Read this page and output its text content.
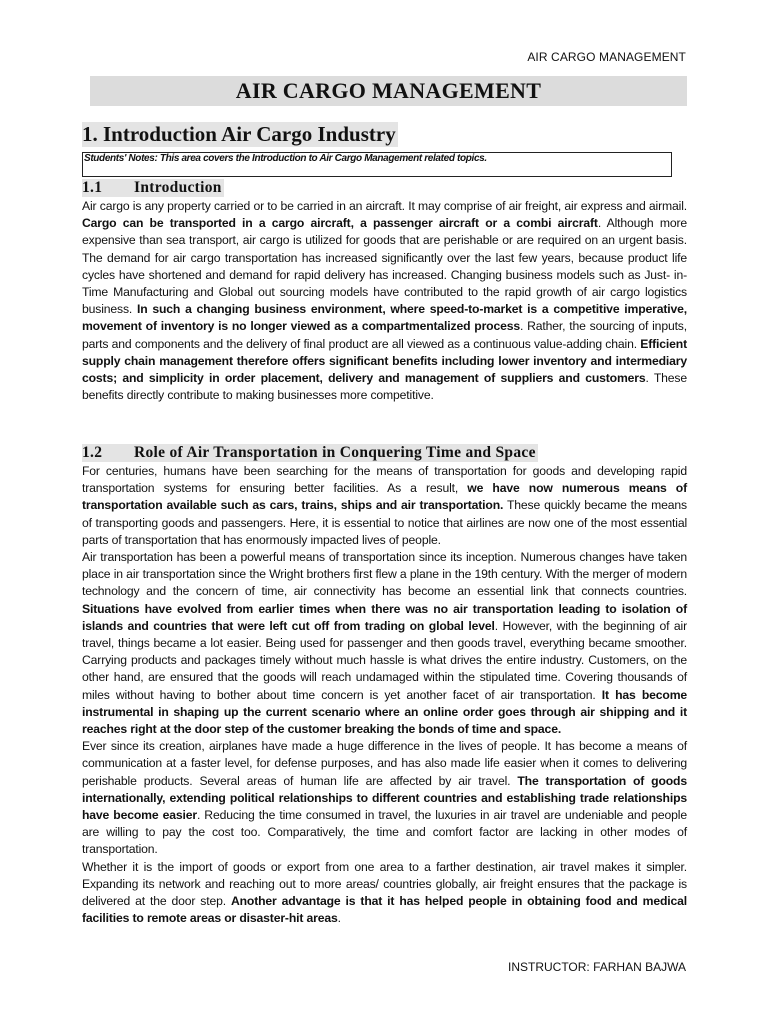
AIR CARGO MANAGEMENT
AIR CARGO MANAGEMENT
1. Introduction Air Cargo Industry
Students' Notes: This area covers the Introduction to Air Cargo Management related topics.
1.1 Introduction

Air cargo is any property carried or to be carried in an aircraft. It may comprise of air freight, air express and airmail. Cargo can be transported in a cargo aircraft, a passenger aircraft or a combi aircraft. Although more expensive than sea transport, air cargo is utilized for goods that are perishable or are required on an urgent basis. The demand for air cargo transportation has increased significantly over the last few years, because product life cycles have shortened and demand for rapid delivery has increased. Changing business models such as Just- in-Time Manufacturing and Global out sourcing models have contributed to the rapid growth of air cargo logistics business. In such a changing business environment, where speed-to-market is a competitive imperative, movement of inventory is no longer viewed as a compartmentalized process. Rather, the sourcing of inputs, parts and components and the delivery of final product are all viewed as a continuous value-adding chain. Efficient supply chain management therefore offers significant benefits including lower inventory and intermediary costs; and simplicity in order placement, delivery and management of suppliers and customers. These benefits directly contribute to making businesses more competitive.

1.2 Role of Air Transportation in Conquering Time and Space

For centuries, humans have been searching for the means of transportation for goods and developing rapid transportation systems for ensuring better facilities. As a result, we have now numerous means of transportation available such as cars, trains, ships and air transportation. These quickly became the means of transporting goods and passengers. Here, it is essential to notice that airlines are now one of the most essential parts of transportation that has enormously impacted lives of people.

Air transportation has been a powerful means of transportation since its inception. Numerous changes have taken place in air transportation since the Wright brothers first flew a plane in the 19th century. With the merger of modern technology and the concern of time, air connectivity has become an essential link that connects countries. Situations have evolved from earlier times when there was no air transportation leading to isolation of islands and countries that were left cut off from trading on global level. However, with the beginning of air travel, things became a lot easier. Being used for passenger and then goods travel, everything became smoother. Carrying products and packages timely without much hassle is what drives the entire industry. Customers, on the other hand, are ensured that the goods will reach undamaged within the stipulated time. Covering thousands of miles without having to bother about time concern is yet another facet of air transportation. It has become instrumental in shaping up the current scenario where an online order goes through air shipping and it reaches right at the door step of the customer breaking the bonds of time and space.

Ever since its creation, airplanes have made a huge difference in the lives of people. It has become a means of communication at a faster level, for defense purposes, and has also made life easier when it comes to delivering perishable products. Several areas of human life are affected by air travel. The transportation of goods internationally, extending political relationships to different countries and establishing trade relationships have become easier. Reducing the time consumed in travel, the luxuries in air travel are undeniable and people are willing to pay the cost too. Comparatively, the time and comfort factor are lacking in other modes of transportation.

Whether it is the import of goods or export from one area to a farther destination, air travel makes it simpler. Expanding its network and reaching out to more areas/ countries globally, air freight ensures that the package is delivered at the door step. Another advantage is that it has helped people in obtaining food and medical facilities to remote areas or disaster-hit areas.

INSTRUCTOR: FARHAN BAJWA
